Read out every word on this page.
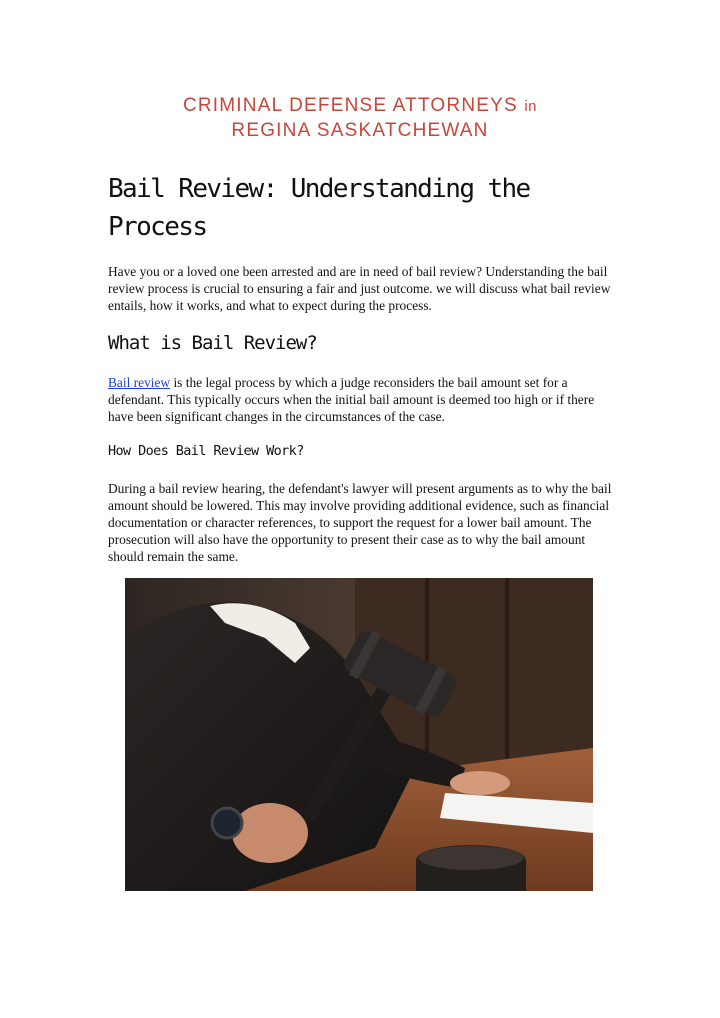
CRIMINAL DEFENSE ATTORNEYS in
REGINA SASKATCHEWAN
Bail Review: Understanding the Process

Have you or a loved one been arrested and are in need of bail review? Understanding the bail review process is crucial to ensuring a fair and just outcome. we will discuss what bail review entails, how it works, and what to expect during the process.

What is Bail Review?

Bail review is the legal process by which a judge reconsiders the bail amount set for a defendant. This typically occurs when the initial bail amount is deemed too high or if there have been significant changes in the circumstances of the case.

How Does Bail Review Work?

During a bail review hearing, the defendant's lawyer will present arguments as to why the bail amount should be lowered. This may involve providing additional evidence, such as financial documentation or character references, to support the request for a lower bail amount. The prosecution will also have the opportunity to present their case as to why the bail amount should remain the same.
